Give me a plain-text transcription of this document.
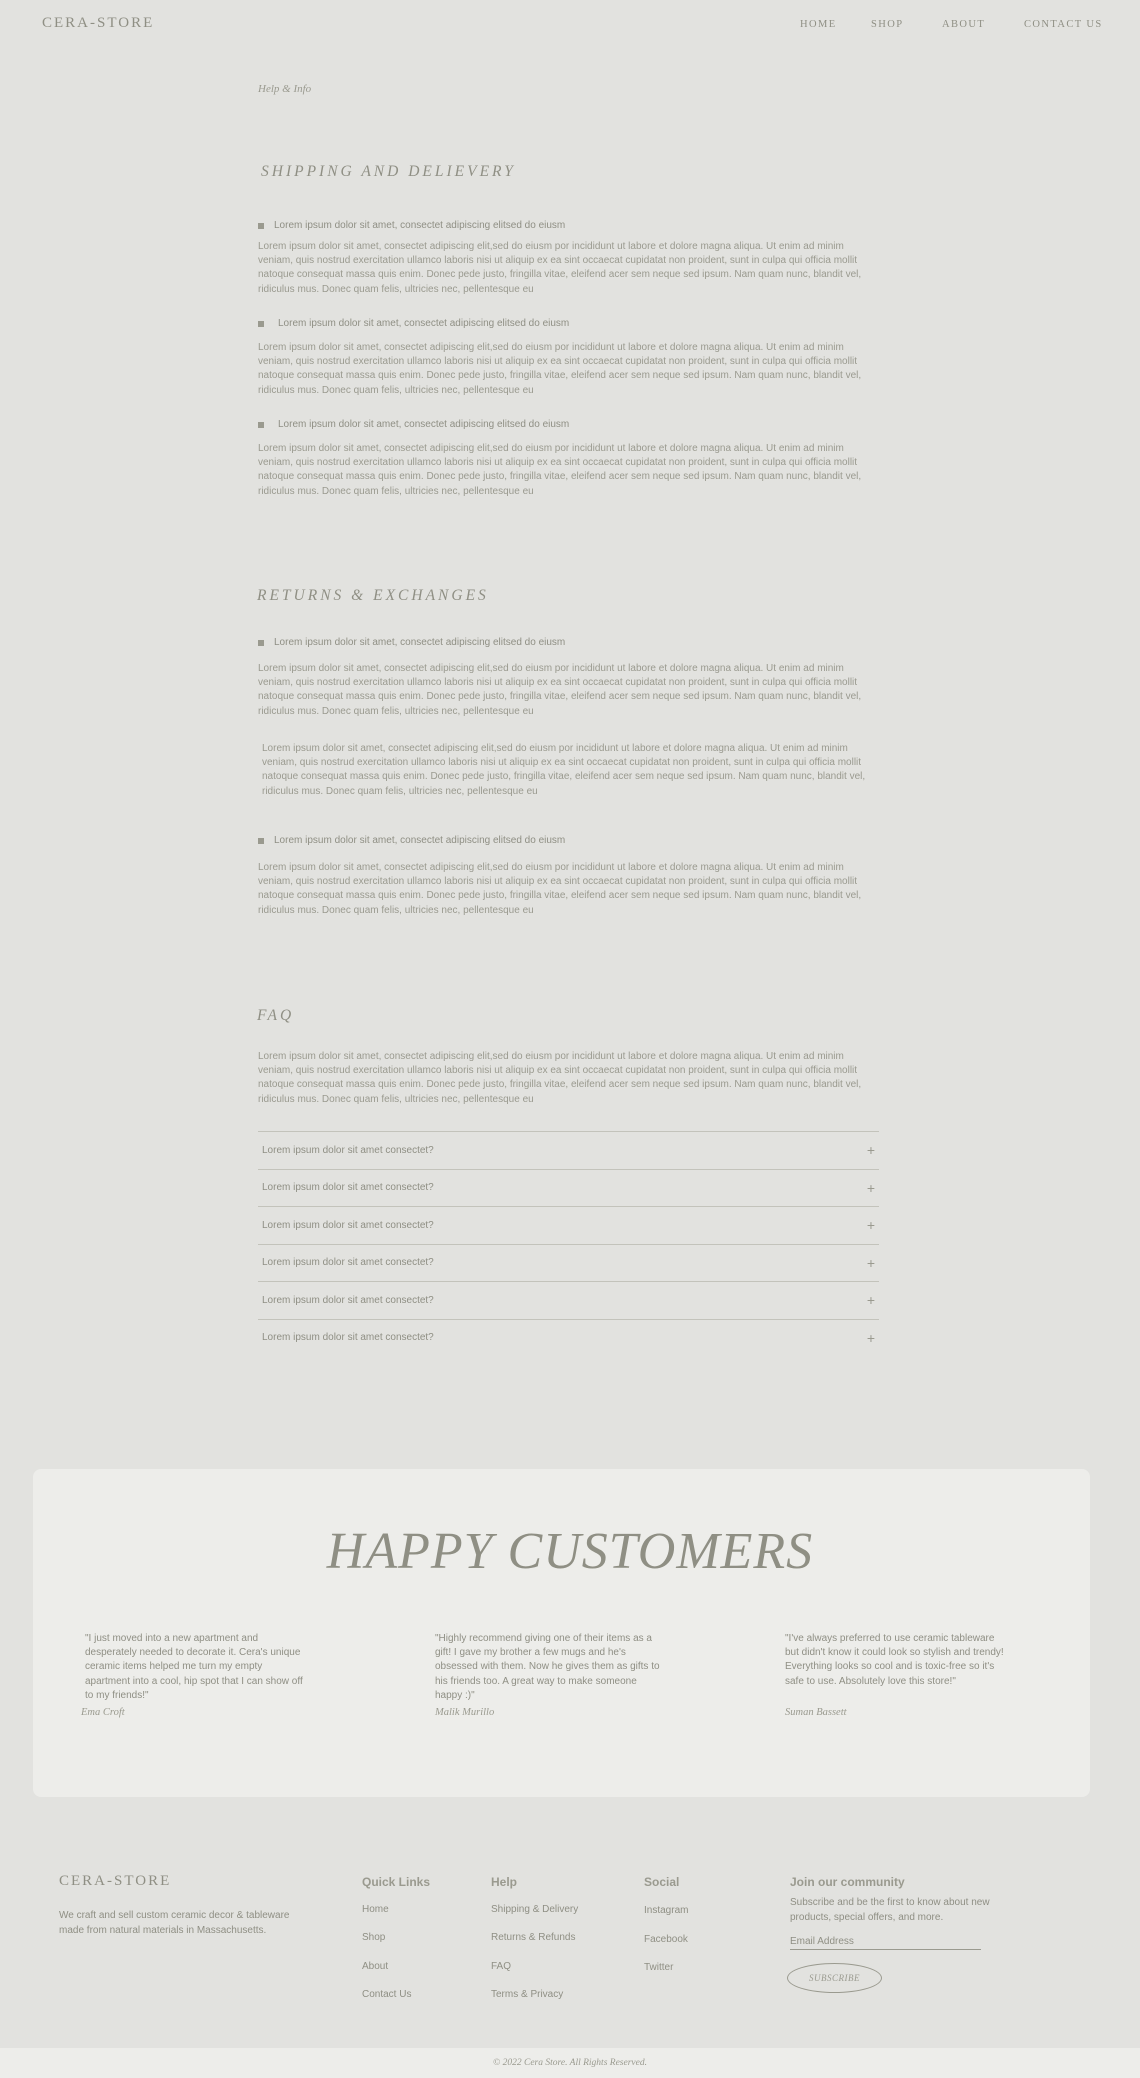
CERA-STORE	HOME	SHOP	ABOUT	CONTACT US
Help & Info
SHIPPING AND DELIEVERY
Lorem ipsum dolor sit amet, consectet adipiscing elitsed do eiusm
Lorem ipsum dolor sit amet, consectet adipiscing elit,sed do eiusm por incididunt ut labore et dolore magna aliqua. Ut enim ad minim veniam, quis nostrud exercitation ullamco laboris nisi ut aliquip ex ea sint occaecat cupidatat non proident, sunt in culpa qui officia mollit natoque consequat massa quis enim. Donec pede justo, fringilla vitae, eleifend acer sem neque sed ipsum. Nam quam nunc, blandit vel, ridiculus mus. Donec quam felis, ultricies nec, pellentesque eu
Lorem ipsum dolor sit amet, consectet adipiscing elitsed do eiusm
Lorem ipsum dolor sit amet, consectet adipiscing elit,sed do eiusm por incididunt ut labore et dolore magna aliqua. Ut enim ad minim veniam, quis nostrud exercitation ullamco laboris nisi ut aliquip ex ea sint occaecat cupidatat non proident, sunt in culpa qui officia mollit natoque consequat massa quis enim. Donec pede justo, fringilla vitae, eleifend acer sem neque sed ipsum. Nam quam nunc, blandit vel, ridiculus mus. Donec quam felis, ultricies nec, pellentesque eu
Lorem ipsum dolor sit amet, consectet adipiscing elitsed do eiusm
Lorem ipsum dolor sit amet, consectet adipiscing elit,sed do eiusm por incididunt ut labore et dolore magna aliqua. Ut enim ad minim veniam, quis nostrud exercitation ullamco laboris nisi ut aliquip ex ea sint occaecat cupidatat non proident, sunt in culpa qui officia mollit natoque consequat massa quis enim. Donec pede justo, fringilla vitae, eleifend acer sem neque sed ipsum. Nam quam nunc, blandit vel, ridiculus mus. Donec quam felis, ultricies nec, pellentesque eu
RETURNS & EXCHANGES
Lorem ipsum dolor sit amet, consectet adipiscing elitsed do eiusm
Lorem ipsum dolor sit amet, consectet adipiscing elit,sed do eiusm por incididunt ut labore et dolore magna aliqua. Ut enim ad minim veniam, quis nostrud exercitation ullamco laboris nisi ut aliquip ex ea sint occaecat cupidatat non proident, sunt in culpa qui officia mollit natoque consequat massa quis enim. Donec pede justo, fringilla vitae, eleifend acer sem neque sed ipsum. Nam quam nunc, blandit vel, ridiculus mus. Donec quam felis, ultricies nec, pellentesque eu
Lorem ipsum dolor sit amet, consectet adipiscing elit,sed do eiusm por incididunt ut labore et dolore magna aliqua. Ut enim ad minim veniam, quis nostrud exercitation ullamco laboris nisi ut aliquip ex ea sint occaecat cupidatat non proident, sunt in culpa qui officia mollit natoque consequat massa quis enim. Donec pede justo, fringilla vitae, eleifend acer sem neque sed ipsum. Nam quam nunc, blandit vel, ridiculus mus. Donec quam felis, ultricies nec, pellentesque eu
Lorem ipsum dolor sit amet, consectet adipiscing elitsed do eiusm
Lorem ipsum dolor sit amet, consectet adipiscing elit,sed do eiusm por incididunt ut labore et dolore magna aliqua. Ut enim ad minim veniam, quis nostrud exercitation ullamco laboris nisi ut aliquip ex ea sint occaecat cupidatat non proident, sunt in culpa qui officia mollit natoque consequat massa quis enim. Donec pede justo, fringilla vitae, eleifend acer sem neque sed ipsum. Nam quam nunc, blandit vel, ridiculus mus. Donec quam felis, ultricies nec, pellentesque eu
FAQ
Lorem ipsum dolor sit amet, consectet adipiscing elit,sed do eiusm por incididunt ut labore et dolore magna aliqua. Ut enim ad minim veniam, quis nostrud exercitation ullamco laboris nisi ut aliquip ex ea sint occaecat cupidatat non proident, sunt in culpa qui officia mollit natoque consequat massa quis enim. Donec pede justo, fringilla vitae, eleifend acer sem neque sed ipsum. Nam quam nunc, blandit vel, ridiculus mus. Donec quam felis, ultricies nec, pellentesque eu
Lorem ipsum dolor sit amet consectet?	+
Lorem ipsum dolor sit amet consectet?	+
Lorem ipsum dolor sit amet consectet?	+
Lorem ipsum dolor sit amet consectet?	+
Lorem ipsum dolor sit amet consectet?	+
Lorem ipsum dolor sit amet consectet?	+
HAPPY CUSTOMERS
"I just moved into a new apartment and desperately needed to decorate it. Cera's unique ceramic items helped me turn my empty apartment into a cool, hip spot that I can show off to my friends!"
Ema Croft
"Highly recommend giving one of their items as a gift! I gave my brother a few mugs and he's obsessed with them. Now he gives them as gifts to his friends too. A great way to make someone happy :)"
Malik Murillo
"I've always preferred to use ceramic tableware but didn't know it could look so stylish and trendy! Everything looks so cool and is toxic-free so it's safe to use. Absolutely love this store!"
Suman Bassett
CERA-STORE
We craft and sell custom ceramic decor & tableware made from natural materials in Massachusetts.
Quick Links
Home
Shop
About
Contact Us
Help
Shipping & Delivery
Returns & Refunds
FAQ
Terms & Privacy
Social
Instagram
Facebook
Twitter
Join our community
Subscribe and be the first to know about new products, special offers, and more.
Email Address
SUBSCRIBE
© 2022 Cera Store. All Rights Reserved.
